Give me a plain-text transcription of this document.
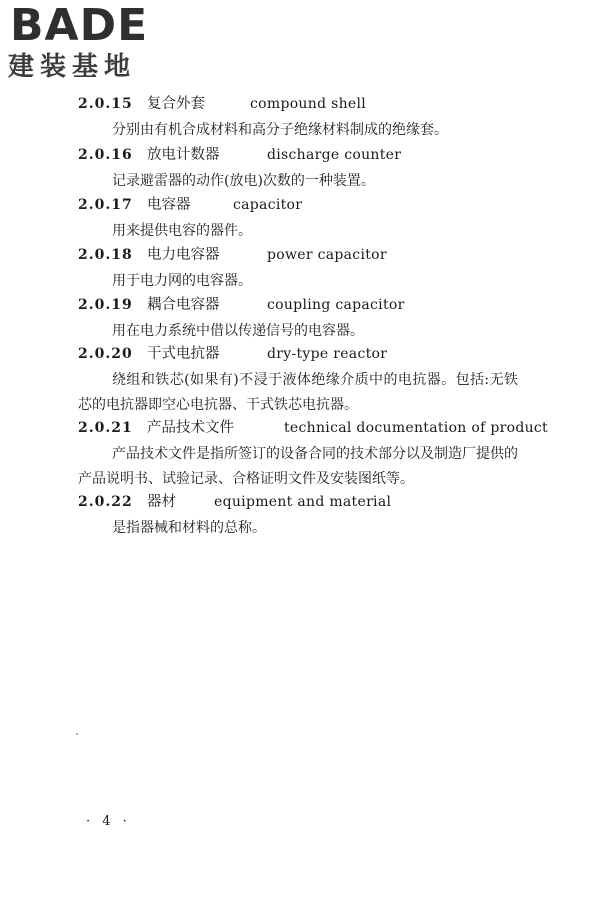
BADE
建装基地
2.0.15 复合外套	compound shell
分别由有机合成材料和高分子绝缘材料制成的绝缘套。
2.0.16 放电计数器	discharge counter
记录避雷器的动作(放电)次数的一种装置。
2.0.17 电容器	capacitor
用来提供电容的器件。
2.0.18 电力电容器	power capacitor
用于电力网的电容器。
2.0.19 耦合电容器	coupling capacitor
用在电力系统中借以传递信号的电容器。
2.0.20 干式电抗器	dry-type reactor
绕组和铁芯(如果有)不浸于液体绝缘介质中的电抗器。包括:无铁芯的电抗器即空心电抗器、干式铁芯电抗器。
2.0.21 产品技术文件	technical documentation of product
产品技术文件是指所签订的设备合同的技术部分以及制造厂提供的产品说明书、试验记录、合格证明文件及安装图纸等。
2.0.22 器材	equipment and material
是指器械和材料的总称。
· 4 ·
